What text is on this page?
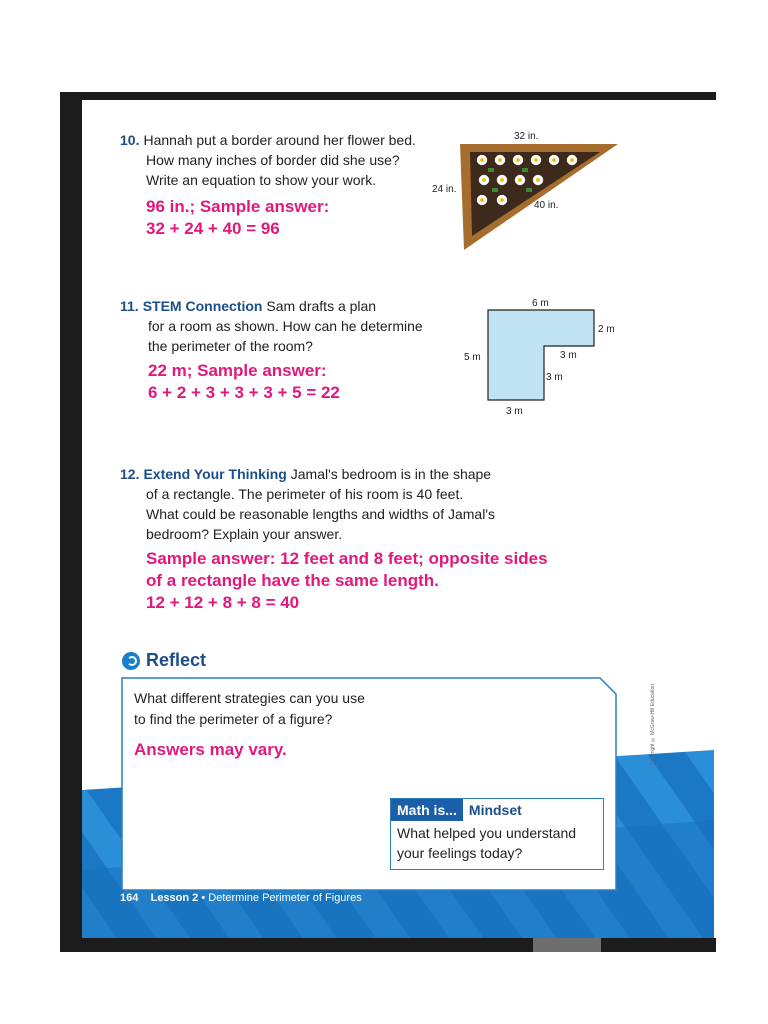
10. Hannah put a border around her flower bed.
How many inches of border did she use?
Write an equation to show your work.
96 in.; Sample answer:
32 + 24 + 40 = 96
32 in.
24 in.
40 in.
11. STEM Connection Sam drafts a plan
for a room as shown. How can he determine
the perimeter of the room?
22 m; Sample answer:
6 + 2 + 3 + 3 + 3 + 5 = 22
6 m
2 m
5 m	3 m
3 m
3 m
12. Extend Your Thinking Jamal's bedroom is in the shape
of a rectangle. The perimeter of his room is 40 feet.
What could be reasonable lengths and widths of Jamal's
bedroom? Explain your answer.
Sample answer: 12 feet and 8 feet; opposite sides
of a rectangle have the same length.
12 + 12 + 8 + 8 = 40
Reflect
What different strategies can you use
to find the perimeter of a figure?
Answers may vary.
Math is... Mindset
What helped you understand
your feelings today?
Copyright © McGraw-Hill Education
164 Lesson 2 • Determine Perimeter of Figures
